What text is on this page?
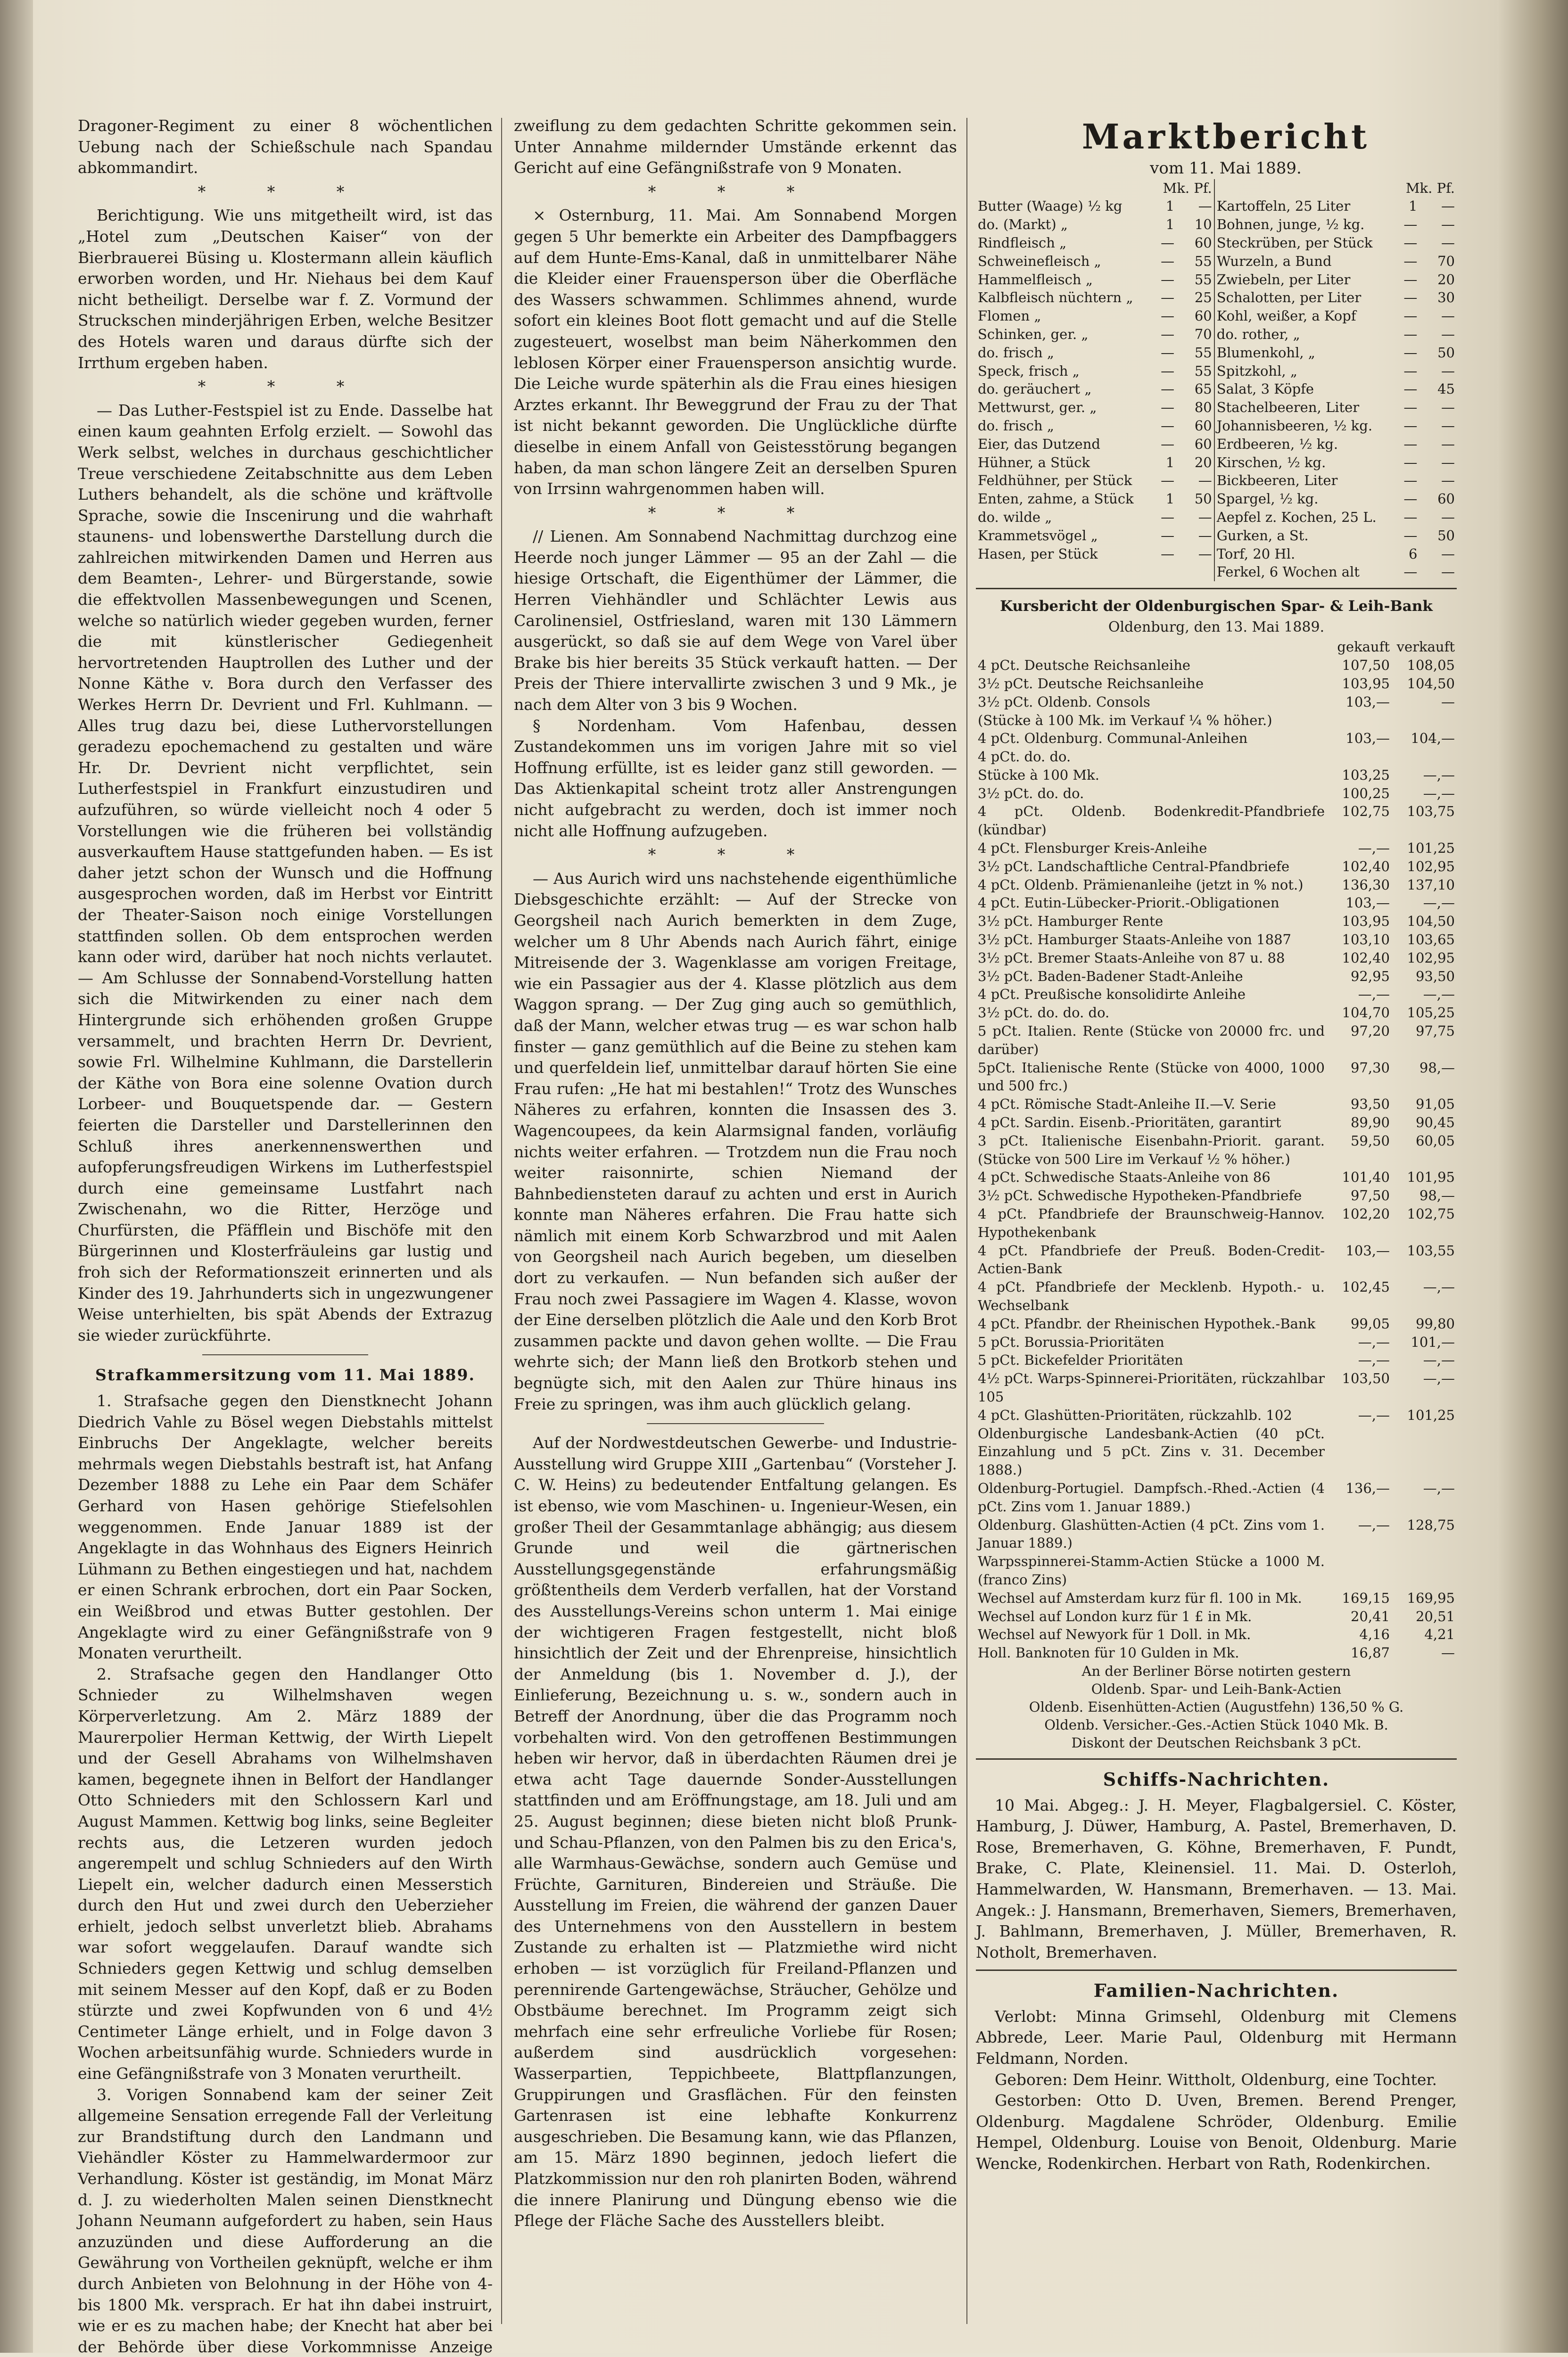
Dragoner-Regiment zu einer 8 wöchentlichen Uebung nach der Schießschule nach Spandau abkommandirt.

* * *

Berichtigung. Wie uns mitgetheilt wird, ist das „Hotel zum „Deutschen Kaiser“ von der Bierbrauerei Büsing u. Klostermann allein käuflich erworben worden, und Hr. Niehaus bei dem Kauf nicht betheiligt. Derselbe war f. Z. Vormund der Struckschen minderjährigen Erben, welche Besitzer des Hotels waren und daraus dürfte sich der Irrthum ergeben haben.

* * *

— Das Luther-Festspiel ist zu Ende. Dasselbe hat einen kaum geahnten Erfolg erzielt. — Sowohl das Werk selbst, welches in durchaus geschichtlicher Treue verschiedene Zeitabschnitte aus dem Leben Luthers behandelt, als die schöne und kräftvolle Sprache, sowie die Inscenirung und die wahrhaft staunens- und lobenswerthe Darstellung durch die zahlreichen mitwirkenden Damen und Herren aus dem Beamten-, Lehrer- und Bürgerstande, sowie die effektvollen Massenbewegungen und Scenen, welche so natürlich wieder gegeben wurden, ferner die mit künstlerischer Gediegenheit hervortretenden Hauptrollen des Luther und der Nonne Käthe v. Bora durch den Verfasser des Werkes Herrn Dr. Devrient und Frl. Kuhlmann. — Alles trug dazu bei, diese Luthervorstellungen geradezu epochemachend zu gestalten und wäre Hr. Dr. Devrient nicht verpflichtet, sein Lutherfestspiel in Frankfurt einzustudiren und aufzuführen, so würde vielleicht noch 4 oder 5 Vorstellungen wie die früheren bei vollständig ausverkauftem Hause stattgefunden haben. — Es ist daher jetzt schon der Wunsch und die Hoffnung ausgesprochen worden, daß im Herbst vor Eintritt der Theater-Saison noch einige Vorstellungen stattfinden sollen. Ob dem entsprochen werden kann oder wird, darüber hat noch nichts verlautet. — Am Schlusse der Sonnabend-Vorstellung hatten sich die Mitwirkenden zu einer nach dem Hintergrunde sich erhöhenden großen Gruppe versammelt, und brachten Herrn Dr. Devrient, sowie Frl. Wilhelmine Kuhlmann, die Darstellerin der Käthe von Bora eine solenne Ovation durch Lorbeer- und Bouquetspende dar. — Gestern feierten die Darsteller und Darstellerinnen den Schluß ihres anerkennenswerthen und aufopferungsfreudigen Wirkens im Lutherfestspiel durch eine gemeinsame Lustfahrt nach Zwischenahn, wo die Ritter, Herzöge und Churfürsten, die Pfäfflein und Bischöfe mit den Bürgerinnen und Klosterfräuleins gar lustig und froh sich der Reformationszeit erinnerten und als Kinder des 19. Jahrhunderts sich in ungezwungener Weise unterhielten, bis spät Abends der Extrazug sie wieder zurückführte.

Strafkammersitzung vom 11. Mai 1889.

1. Strafsache gegen den Dienstknecht Johann Diedrich Vahle zu Bösel wegen Diebstahls mittelst Einbruchs Der Angeklagte, welcher bereits mehrmals wegen Diebstahls bestraft ist, hat Anfang Dezember 1888 zu Lehe ein Paar dem Schäfer Gerhard von Hasen gehörige Stiefelsohlen weggenommen. Ende Januar 1889 ist der Angeklagte in das Wohnhaus des Eigners Heinrich Lühmann zu Bethen eingestiegen und hat, nachdem er einen Schrank erbrochen, dort ein Paar Socken, ein Weißbrod und etwas Butter gestohlen. Der Angeklagte wird zu einer Gefängnißstrafe von 9 Monaten verurtheilt.

2. Strafsache gegen den Handlanger Otto Schnieder zu Wilhelmshaven wegen Körperverletzung. Am 2. März 1889 der Maurerpolier Herman Kettwig, der Wirth Liepelt und der Gesell Abrahams von Wilhelmshaven kamen, begegnete ihnen in Belfort der Handlanger Otto Schnieders mit den Schlossern Karl und August Mammen. Kettwig bog links, seine Begleiter rechts aus, die Letzeren wurden jedoch angerempelt und schlug Schnieders auf den Wirth Liepelt ein, welcher dadurch einen Messerstich durch den Hut und zwei durch den Ueberzieher erhielt, jedoch selbst unverletzt blieb. Abrahams war sofort weggelaufen. Darauf wandte sich Schnieders gegen Kettwig und schlug demselben mit seinem Messer auf den Kopf, daß er zu Boden stürzte und zwei Kopfwunden von 6 und 4½ Centimeter Länge erhielt, und in Folge davon 3 Wochen arbeitsunfähig wurde. Schnieders wurde in eine Gefängnißstrafe von 3 Monaten verurtheilt.

3. Vorigen Sonnabend kam der seiner Zeit allgemeine Sensation erregende Fall der Verleitung zur Brandstiftung durch den Landmann und Viehändler Köster zu Hammelwardermoor zur Verhandlung. Köster ist geständig, im Monat März d. J. zu wiederholten Malen seinen Dienstknecht Johann Neumann aufgefordert zu haben, sein Haus anzuzünden und diese Aufforderung an die Gewährung von Vortheilen geknüpft, welche er ihm durch Anbieten von Belohnung in der Höhe von 4- bis 1800 Mk. versprach. Er hat ihn dabei instruirt, wie er es zu machen habe; der Knecht hat aber bei der Behörde über diese Vorkommnisse Anzeige

zweiflung zu dem gedachten Schritte gekommen sein. Unter Annahme mildernder Umstände erkennt das Gericht auf eine Gefängnißstrafe von 9 Monaten.

* * *

× Osternburg, 11. Mai. Am Sonnabend Morgen gegen 5 Uhr bemerkte ein Arbeiter des Dampfbaggers auf dem Hunte-Ems-Kanal, daß in unmittelbarer Nähe die Kleider einer Frauensperson über die Oberfläche des Wassers schwammen. Schlimmes ahnend, wurde sofort ein kleines Boot flott gemacht und auf die Stelle zugesteuert, woselbst man beim Näherkommen den leblosen Körper einer Frauensperson ansichtig wurde. Die Leiche wurde späterhin als die Frau eines hiesigen Arztes erkannt. Ihr Beweggrund der Frau zu der That ist nicht bekannt geworden. Die Unglückliche dürfte dieselbe in einem Anfall von Geistesstörung begangen haben, da man schon längere Zeit an derselben Spuren von Irrsinn wahrgenommen haben will.

* * *

// Lienen. Am Sonnabend Nachmittag durchzog eine Heerde noch junger Lämmer — 95 an der Zahl — die hiesige Ortschaft, die Eigenthümer der Lämmer, die Herren Viehhändler und Schlächter Lewis aus Carolinensiel, Ostfriesland, waren mit 130 Lämmern ausgerückt, so daß sie auf dem Wege von Varel über Brake bis hier bereits 35 Stück verkauft hatten. — Der Preis der Thiere intervallirte zwischen 3 und 9 Mk., je nach dem Alter von 3 bis 9 Wochen.

§ Nordenham. Vom Hafenbau, dessen Zustandekommen uns im vorigen Jahre mit so viel Hoffnung erfüllte, ist es leider ganz still geworden. — Das Aktienkapital scheint trotz aller Anstrengungen nicht aufgebracht zu werden, doch ist immer noch nicht alle Hoffnung aufzugeben.

* * *

— Aus Aurich wird uns nachstehende eigenthümliche Diebsgeschichte erzählt: — Auf der Strecke von Georgsheil nach Aurich bemerkten in dem Zuge, welcher um 8 Uhr Abends nach Aurich fährt, einige Mitreisende der 3. Wagenklasse am vorigen Freitage, wie ein Passagier aus der 4. Klasse plötzlich aus dem Waggon sprang. — Der Zug ging auch so gemüthlich, daß der Mann, welcher etwas trug — es war schon halb finster — ganz gemüthlich auf die Beine zu stehen kam und querfeldein lief, unmittelbar darauf hörten Sie eine Frau rufen: „He hat mi bestahlen!“ Trotz des Wunsches Näheres zu erfahren, konnten die Insassen des 3. Wagencoupees, da kein Alarmsignal fanden, vorläufig nichts weiter erfahren. — Trotzdem nun die Frau noch weiter raisonnirte, schien Niemand der Bahnbediensteten darauf zu achten und erst in Aurich konnte man Näheres erfahren. Die Frau hatte sich nämlich mit einem Korb Schwarzbrod und mit Aalen von Georgsheil nach Aurich begeben, um dieselben dort zu verkaufen. — Nun befanden sich außer der Frau noch zwei Passagiere im Wagen 4. Klasse, wovon der Eine derselben plötzlich die Aale und den Korb Brot zusammen packte und davon gehen wollte. — Die Frau wehrte sich; der Mann ließ den Brotkorb stehen und begnügte sich, mit den Aalen zur Thüre hinaus ins Freie zu springen, was ihm auch glücklich gelang.

Auf der Nordwestdeutschen Gewerbe- und Industrie-Ausstellung wird Gruppe XIII „Gartenbau“ (Vorsteher J. C. W. Heins) zu bedeutender Entfaltung gelangen. Es ist ebenso, wie vom Maschinen- u. Ingenieur-Wesen, ein großer Theil der Gesammtanlage abhängig; aus diesem Grunde und weil die gärtnerischen Ausstellungsgegenstände erfahrungsmäßig größtentheils dem Verderb verfallen, hat der Vorstand des Ausstellungs-Vereins schon unterm 1. Mai einige der wichtigeren Fragen festgestellt, nicht bloß hinsichtlich der Zeit und der Ehrenpreise, hinsichtlich der Anmeldung (bis 1. November d. J.), der Einlieferung, Bezeichnung u. s. w., sondern auch in Betreff der Anordnung, über die das Programm noch vorbehalten wird. Von den getroffenen Bestimmungen heben wir hervor, daß in überdachten Räumen drei je etwa acht Tage dauernde Sonder-Ausstellungen stattfinden und am Eröffnungstage, am 18. Juli und am 25. August beginnen; diese bieten nicht bloß Prunk- und Schau-Pflanzen, von den Palmen bis zu den Erica's, alle Warmhaus-Gewächse, sondern auch Gemüse und Früchte, Garnituren, Bindereien und Sträuße. Die Ausstellung im Freien, die während der ganzen Dauer des Unternehmens von den Ausstellern in bestem Zustande zu erhalten ist — Platzmiethe wird nicht erhoben — ist vorzüglich für Freiland-Pflanzen und perennirende Gartengewächse, Sträucher, Gehölze und Obstbäume berechnet. Im Programm zeigt sich mehrfach eine sehr erfreuliche Vorliebe für Rosen; außerdem sind ausdrücklich vorgesehen: Wasserpartien, Teppichbeete, Blattpflanzungen, Gruppirungen und Grasflächen. Für den feinsten Gartenrasen ist eine lebhafte Konkurrenz ausgeschrieben. Die Besamung kann, wie das Pflanzen, am 15. März 1890 beginnen, jedoch liefert die Platzkommission nur den roh planirten Boden, während die innere Planirung und Düngung ebenso wie die Pflege der Fläche Sache des Ausstellers bleibt.

Marktbericht

vom 11. Mai 1889.

	Mk. Pf.			Mk. Pf.	
Butter (Waage) ½ kg	1	—	Kartoffeln, 25 Liter	1	—
do. (Markt) „	1	10	Bohnen, junge, ½ kg.	—	—
Rindfleisch „	—	60	Steckrüben, per Stück	—	—
Schweinefleisch „	—	55	Wurzeln, a Bund	—	70
Hammelfleisch „	—	55	Zwiebeln, per Liter	—	20
Kalbfleisch nüchtern „	—	25	Schalotten, per Liter	—	30
Flomen „	—	60	Kohl, weißer, a Kopf	—	—
Schinken, ger. „	—	70	do. rother, „	—	—
do. frisch „	—	55	Blumenkohl, „	—	50
Speck, frisch „	—	55	Spitzkohl, „	—	—
do. geräuchert „	—	65	Salat, 3 Köpfe	—	45
Mettwurst, ger. „	—	80	Stachelbeeren, Liter	—	—
do. frisch „	—	60	Johannisbeeren, ½ kg.	—	—
Eier, das Dutzend	—	60	Erdbeeren, ½ kg.	—	—
Hühner, a Stück	1	20	Kirschen, ½ kg.	—	—
Feldhühner, per Stück	—	—	Bickbeeren, Liter	—	—
Enten, zahme, a Stück	1	50	Spargel, ½ kg.	—	60
do. wilde „	—	—	Aepfel z. Kochen, 25 L.	—	—
Krammetsvögel „	—	—	Gurken, a St.	—	50
Hasen, per Stück	—	—	Torf, 20 Hl.	6	—
			Ferkel, 6 Wochen alt	—	—

Kursbericht der Oldenburgischen Spar- & Leih-Bank

Oldenburg, den 13. Mai 1889.

	gekauft	verkauft
4 pCt. Deutsche Reichsanleihe	107,50	108,05
3½ pCt. Deutsche Reichsanleihe	103,95	104,50
3½ pCt. Oldenb. Consols	103,—	—
(Stücke à 100 Mk. im Verkauf ¼ % höher.)		
4 pCt. Oldenburg. Communal-Anleihen	103,—	104,—
4 pCt. do. do.		
Stücke à 100 Mk.	103,25	—,—
3½ pCt. do. do.	100,25	—,—
4 pCt. Oldenb. Bodenkredit-Pfandbriefe (kündbar)	102,75	103,75
4 pCt. Flensburger Kreis-Anleihe	—,—	101,25
3½ pCt. Landschaftliche Central-Pfandbriefe	102,40	102,95
4 pCt. Oldenb. Prämienanleihe (jetzt in % not.)	136,30	137,10
4 pCt. Eutin-Lübecker-Priorit.-Obligationen	103,—	—,—
3½ pCt. Hamburger Rente	103,95	104,50
3½ pCt. Hamburger Staats-Anleihe von 1887	103,10	103,65
3½ pCt. Bremer Staats-Anleihe von 87 u. 88	102,40	102,95
3½ pCt. Baden-Badener Stadt-Anleihe	92,95	93,50
4 pCt. Preußische konsolidirte Anleihe	—,—	—,—
3½ pCt. do. do. do.	104,70	105,25
5 pCt. Italien. Rente (Stücke von 20000 frc. und darüber)	97,20	97,75
5pCt. Italienische Rente (Stücke von 4000, 1000 und 500 frc.)	97,30	98,—
4 pCt. Römische Stadt-Anleihe II.—V. Serie	93,50	91,05
4 pCt. Sardin. Eisenb.-Prioritäten, garantirt	89,90	90,45
3 pCt. Italienische Eisenbahn-Priorit. garant. (Stücke von 500 Lire im Verkauf ½ % höher.)	59,50	60,05
4 pCt. Schwedische Staats-Anleihe von 86	101,40	101,95
3½ pCt. Schwedische Hypotheken-Pfandbriefe	97,50	98,—
4 pCt. Pfandbriefe der Braunschweig-Hannov. Hypothekenbank	102,20	102,75
4 pCt. Pfandbriefe der Preuß. Boden-Credit-Actien-Bank	103,—	103,55
4 pCt. Pfandbriefe der Mecklenb. Hypoth.- u. Wechselbank	102,45	—,—
4 pCt. Pfandbr. der Rheinischen Hypothek.-Bank	99,05	99,80
5 pCt. Borussia-Prioritäten	—,—	101,—
5 pCt. Bickefelder Prioritäten	—,—	—,—
4½ pCt. Warps-Spinnerei-Prioritäten, rückzahlbar 105	103,50	—,—
4 pCt. Glashütten-Prioritäten, rückzahlb. 102	—,—	101,25
Oldenburgische Landesbank-Actien (40 pCt. Einzahlung und 5 pCt. Zins v. 31. December 1888.)		
Oldenburg-Portugiel. Dampfsch.-Rhed.-Actien (4 pCt. Zins vom 1. Januar 1889.)	136,—	—,—
Oldenburg. Glashütten-Actien (4 pCt. Zins vom 1. Januar 1889.)	—,—	128,75
Warpsspinnerei-Stamm-Actien Stücke a 1000 M. (franco Zins)		
Wechsel auf Amsterdam kurz für fl. 100 in Mk.	169,15	169,95
Wechsel auf London kurz für 1 £ in Mk.	20,41	20,51
Wechsel auf Newyork für 1 Doll. in Mk.	4,16	4,21
Holl. Banknoten für 10 Gulden in Mk.	16,87	—
An der Berliner Börse notirten gestern
Oldenb. Spar- und Leih-Bank-Actien
Oldenb. Eisenhütten-Actien (Augustfehn) 136,50 % G.
Oldenb. Versicher.-Ges.-Actien Stück 1040 Mk. B.
Diskont der Deutschen Reichsbank 3 pCt.

Schiffs-Nachrichten.

10 Mai. Abgeg.: J. H. Meyer, Flagbalgersiel. C. Köster, Hamburg, J. Düwer, Hamburg, A. Pastel, Bremerhaven, D. Rose, Bremerhaven, G. Köhne, Bremerhaven, F. Pundt, Brake, C. Plate, Kleinensiel. 11. Mai. D. Osterloh, Hammelwarden, W. Hansmann, Bremerhaven. — 13. Mai. Angek.: J. Hansmann, Bremerhaven, Siemers, Bremerhaven, J. Bahlmann, Bremerhaven, J. Müller, Bremerhaven, R. Notholt, Bremerhaven.

Familien-Nachrichten.

Verlobt: Minna Grimsehl, Oldenburg mit Clemens Abbrede, Leer. Marie Paul, Oldenburg mit Hermann Feldmann, Norden.

Geboren: Dem Heinr. Wittholt, Oldenburg, eine Tochter.

Gestorben: Otto D. Uven, Bremen. Berend Prenger, Oldenburg. Magdalene Schröder, Oldenburg. Emilie Hempel, Oldenburg. Louise von Benoit, Oldenburg. Marie Wencke, Rodenkirchen. Herbart von Rath, Rodenkirchen.
